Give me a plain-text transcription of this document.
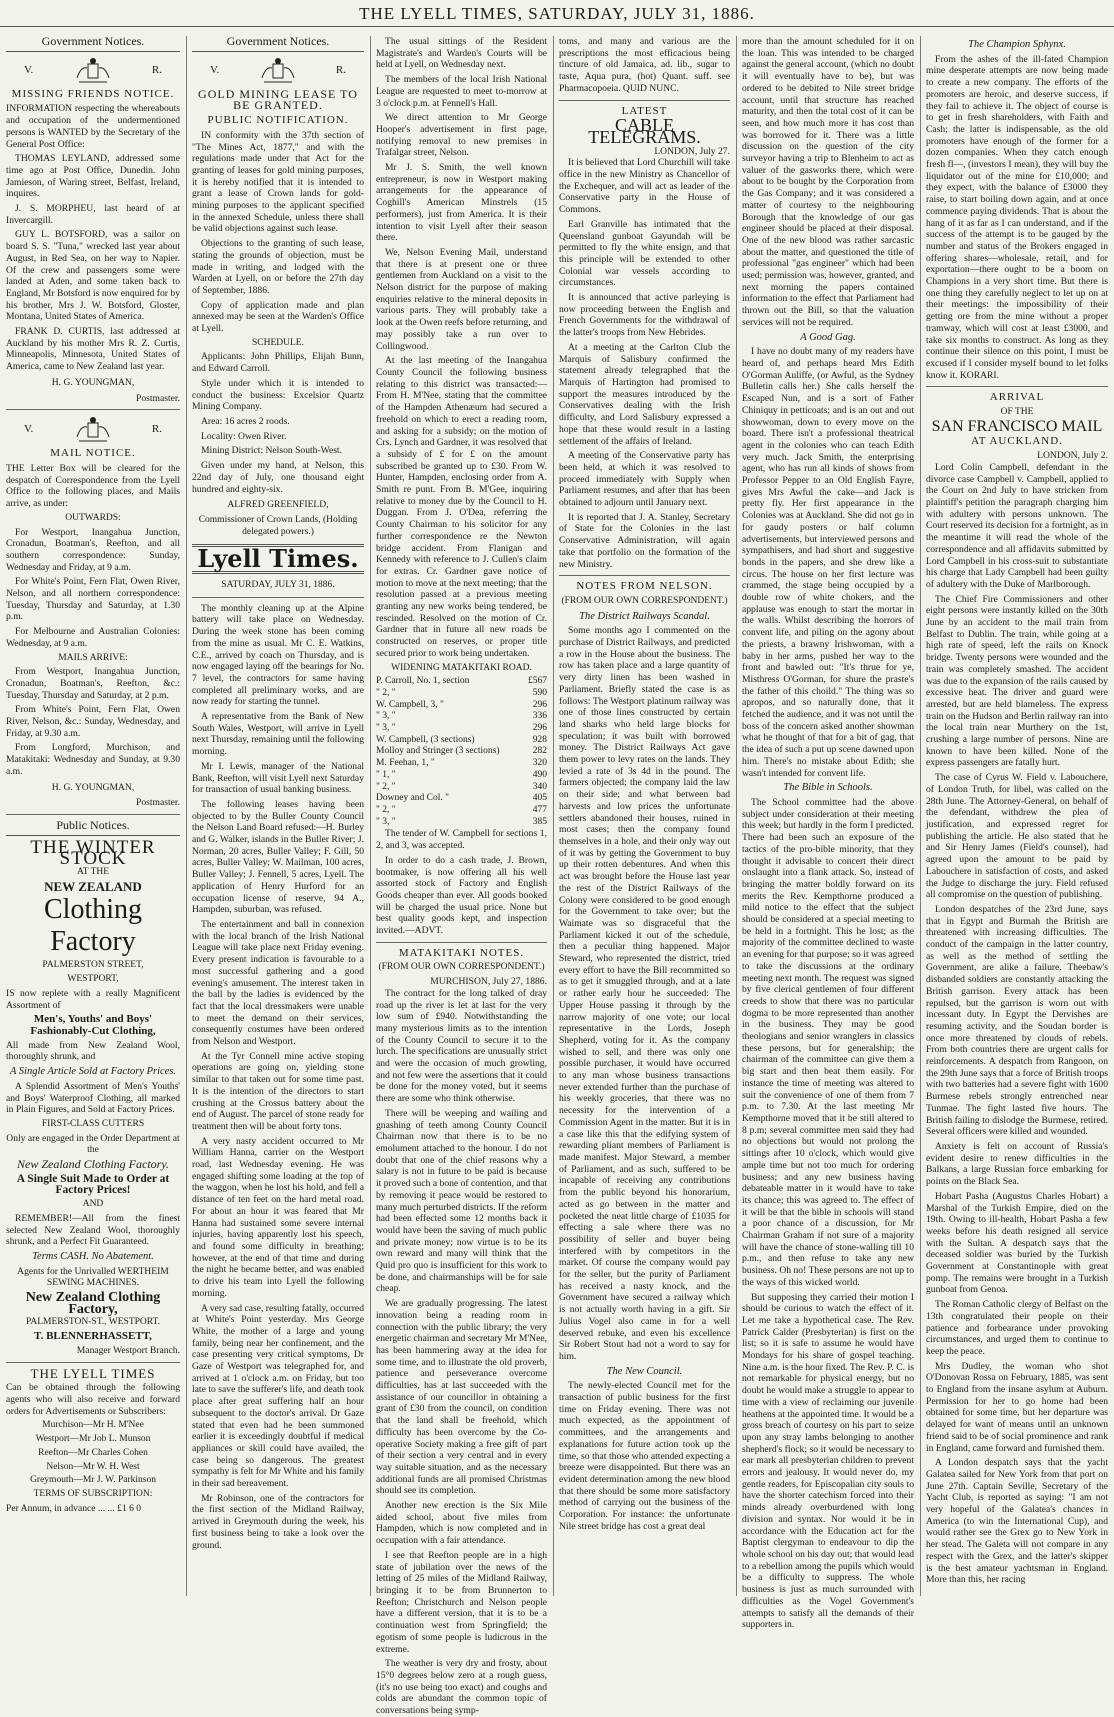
THE LYELL TIMES, SATURDAY, JULY 31, 1886.
Government Notices.
V.	R.
MISSING FRIENDS NOTICE.

INFORMATION respecting the whereabouts and occupation of the undermentioned persons is WANTED by the Secretary of the General Post Office:

THOMAS LEYLAND, addressed some time ago at Post Office, Dunedin. John Jamieson, of Waring street, Belfast, Ireland, inquires.

J. S. MORPHEU, last heard of at Invercargill.

GUY L. BOTSFORD, was a sailor on board S. S. "Tuna," wrecked last year about August, in Red Sea, on her way to Napier. Of the crew and passengers some were landed at Aden, and some taken back to England, Mr Botsford is now enquired for by his brother, Mrs J. W. Botsford, Gloster, Montana, United States of America.

FRANK D. CURTIS, last addressed at Auckland by his mother Mrs R. Z. Curtis, Minneapolis, Minnesota, United States of America, came to New Zealand last year.

H. G. YOUNGMAN,
Postmaster.
V.	R.
MAIL NOTICE.

THE Letter Box will be cleared for the despatch of Correspondence from the Lyell Office to the following places, and Mails arrive, as under:

OUTWARDS:

For Westport, Inangahua Junction, Cronadun, Boatman's, Reefton, and all southern correspondence: Sunday, Wednesday and Friday, at 9 a.m.

For White's Point, Fern Flat, Owen River, Nelson, and all northern correspondence: Tuesday, Thursday and Saturday, at 1.30 p.m.

For Melbourne and Australian Colonies: Wednesday, at 9 a.m.

MAILS ARRIVE:

From Westport, Inangahua Junction, Cronadun, Boatman's, Reefton, &c.: Tuesday, Thursday and Saturday, at 2 p.m.

From White's Point, Fern Flat, Owen River, Nelson, &c.: Sunday, Wednesday, and Friday, at 9.30 a.m.

From Longford, Murchison, and Matakitaki: Wednesday and Sunday, at 9.30 a.m.

H. G. YOUNGMAN,
Postmaster.
Public Notices.
THE WINTER STOCK
AT THE
NEW ZEALAND
Clothing Factory
PALMERSTON STREET,
WESTPORT,

IS now replete with a really Magnificent Assortment of

Men's, Youths' and Boys' Fashionably-Cut Clothing,

All made from New Zealand Wool, thoroughly shrunk, and

A Single Article Sold at Factory Prices.

A Splendid Assortment of Men's Youths' and Boys' Waterproof Clothing, all marked in Plain Figures, and Sold at Factory Prices.

FIRST-CLASS CUTTERS

Only are engaged in the Order Department at the

New Zealand Clothing Factory.
A Single Suit Made to Order at Factory Prices!
AND

REMEMBER!—All from the finest selected New Zealand Wool, thoroughly shrunk, and a Perfect Fit Guaranteed.

Terms CASH. No Abatement.

Agents for the Unrivalled WERTHEIM SEWING MACHINES.

New Zealand Clothing Factory,
PALMERSTON-ST., WESTPORT.
T. BLENNERHASSETT,
Manager Westport Branch.
THE LYELL TIMES

Can be obtained through the following agents who will also receive and forward orders for Advertisements or Subscribers:

Murchison—Mr H. M'Nee
Westport—Mr Job L. Munson
Reefton—Mr Charles Cohen
Nelson—Mr W. H. West
Greymouth—Mr J. W. Parkinson
TERMS OF SUBSCRIPTION:
Per Annum, in advance ... ... £1 6 0
Government Notices.
V.	R.
GOLD MINING LEASE TO BE GRANTED.
PUBLIC NOTIFICATION.

IN conformity with the 37th section of "The Mines Act, 1877," and with the regulations made under that Act for the granting of leases for gold mining purposes, it is hereby notified that it is intended to grant a lease of Crown lands for gold-mining purposes to the applicant specified in the annexed Schedule, unless there shall be valid objections against such lease.

Objections to the granting of such lease, stating the grounds of objection, must be made in writing, and lodged with the Warden at Lyell, on or before the 27th day of September, 1886.

Copy of application made and plan annexed may be seen at the Warden's Office at Lyell.

SCHEDULE.

Applicants: John Phillips, Elijah Bunn, and Edward Carroll.

Style under which it is intended to conduct the business: Excelsior Quartz Mining Company.

Area: 16 acres 2 roods.

Locality: Owen River.

Mining District: Nelson South-West.

Given under my hand, at Nelson, this 22nd day of July, one thousand eight hundred and eighty-six.

ALFRED GREENFIELD,
Commissioner of Crown Lands, (Holding delegated powers.)
Lyell Times.
SATURDAY, JULY 31, 1886.

The monthly cleaning up at the Alpine battery will take place on Wednesday. During the week stone has been coming from the mine as usual. Mr C. E. Watkins, C.E., arrived by coach on Thursday, and is now engaged laying off the bearings for No. 7 level, the contractors for same having completed all preliminary works, and are now ready for starting the tunnel.

A representative from the Bank of New South Wales, Westport, will arrive in Lyell next Thursday, remaining until the following morning.

Mr I. Lewis, manager of the National Bank, Reefton, will visit Lyell next Saturday for transaction of usual banking business.

The following leases having been objected to by the Buller County Council the Nelson Land Board refused:—H. Burley and G. Walker, islands in the Buller River; J. Norman, 20 acres, Buller Valley; F. Gill, 50 acres, Buller Valley; W. Mailman, 100 acres, Buller Valley; J. Fennell, 5 acres, Lyell. The application of Henry Hurford for an occupation license of reserve, 94 A., Hampden, suburban, was refused.

The entertainment and ball in connexion with the local branch of the Irish National League will take place next Friday evening. Every present indication is favourable to a most successful gathering and a good evening's amusement. The interest taken in the ball by the ladies is evidenced by the fact that the local dressmakers were unable to meet the demand on their services, consequently costumes have been ordered from Nelson and Westport.

At the Tyr Connell mine active stoping operations are going on, yielding stone similar to that taken out for some time past. It is the intention of the directors to start crushing at the Crossus battery about the end of August. The parcel of stone ready for treatment then will be about forty tons.

A very nasty accident occurred to Mr William Hanna, carrier on the Westport road, last Wednesday evening. He was engaged shifting some loading at the top of the waggon, when he lost his hold, and fell a distance of ten feet on the hard metal road. For about an hour it was feared that Mr Hanna had sustained some severe internal injuries, having apparently lost his speech, and found some difficulty in breathing; however, at the end of that time and during the night he became better, and was enabled to drive his team into Lyell the following morning.

A very sad case, resulting fatally, occurred at White's Point yesterday. Mrs George White, the mother of a large and young family, being near her confinement, and the case presenting very critical symptoms, Dr Gaze of Westport was telegraphed for, and arrived at 1 o'clock a.m. on Friday, but too late to save the sufferer's life, and death took place after great suffering half an hour subsequent to the doctor's arrival. Dr Gaze stated that even had he been summoned earlier it is exceedingly doubtful if medical appliances or skill could have availed, the case being so dangerous. The greatest sympathy is felt for Mr White and his family in their sad bereavement.

Mr Robinson, one of the contractors for the first section of the Midland Railway, arrived in Greymouth during the week, his first business being to take a look over the ground.

The usual sittings of the Resident Magistrate's and Warden's Courts will be held at Lyell, on Wednesday next.

The members of the local Irish National League are requested to meet to-morrow at 3 o'clock p.m. at Fennell's Hall.

We direct attention to Mr George Hooper's advertisement in first page, notifying removal to new premises in Trafalgar street, Nelson.

Mr J. S. Smith, the well known entrepreneur, is now in Westport making arrangements for the appearance of Coghill's American Minstrels (15 performers), just from America. It is their intention to visit Lyell after their season there.

We, Nelson Evening Mail, understand that there is at present one or three gentlemen from Auckland on a visit to the Nelson district for the purpose of making enquiries relative to the mineral deposits in various parts. They will probably take a look at the Owen reefs before returning, and may possibly take a run over to Collingwood.

At the last meeting of the Inangahua County Council the following business relating to this district was transacted:—From H. M'Nee, stating that the committee of the Hampden Athenæum had secured a freehold on which to erect a reading room, and asking for a subsidy; on the motion of Crs. Lynch and Gardner, it was resolved that a subsidy of £ for £ on the amount subscribed be granted up to £30. From W. Hunter, Hampden, enclosing order from A. Smith re punt. From B. M'Gee, inquiring relative to money due by the Council to H. Duggan. From J. O'Dea, referring the County Chairman to his solicitor for any further correspondence re the Newton bridge accident. From Flanigan and Kennedy with reference to J. Cullen's claim for extras. Cr. Gardner gave notice of motion to move at the next meeting; that the resolution passed at a previous meeting granting any new works being tendered, be rescinded. Resolved on the motion of Cr. Gardner that in future all new roads be constructed on reserves, or proper title secured prior to work being undertaken.

WIDENING MATAKITAKI ROAD.
P. Carroll, No. 1, section	£567
" 2, "	590
W. Campbell, 3, "	296
" 3, "	336
" 3, "	296
W. Campbell, (3 sections)	928
Molloy and Stringer (3 sections)	282
M. Feehan, 1, "	320
" 1, "	490
" 2, "	340
Downey and Col. "	405
" 2, "	477
" 3, "	385

The tender of W. Campbell for sections 1, 2, and 3, was accepted.

In order to do a cash trade, J. Brown, bootmaker, is now offering all his well assorted stock of Factory and English Goods cheaper than ever. All goods booked will be charged the usual price. None but best quality goods kept, and inspection invited.—ADVT.

MATAKITAKI NOTES.
(FROM OUR OWN CORRESPONDENT.)
MURCHISON, July 27, 1886.

The contract for the long talked of dray road up the river is let at last for the very low sum of £940. Notwithstanding the many mysterious limits as to the intention of the County Council to secure it to the lurch. The specifications are unusually strict and were the occasion of much growling, and not few were the assertions that it could be done for the money voted, but it seems there are some who think otherwise.

There will be weeping and wailing and gnashing of teeth among County Council Chairman now that there is to be no emolument attached to the honour. I do not doubt that one of the chief reasons why a salary is not in future to be paid is because it proved such a bone of contention, and that by removing it peace would be restored to many much perturbed districts. If the reform had been effected some 12 months back it would have been the saving of much public and private money; now virtue is to be its own reward and many will think that the Quid pro quo is insufficient for this work to be done, and chairmanships will be for sale cheap.

We are gradually progressing. The latest innovation being a reading room in connection with the public library; the very energetic chairman and secretary Mr M'Nee, has been hammering away at the idea for some time, and to illustrate the old proverb, patience and perseverance overcome difficulties, has at last succeeded with the assistance of our councillor in obtaining a grant of £30 from the council, on condition that the land shall be freehold, which difficulty has been overcome by the Co-operative Society making a free gift of part of their section a very central and in every way suitable situation, and as the necessary additional funds are all promised Christmas should see its completion.

Another new erection is the Six Mile aided school, about five miles from Hampden, which is now completed and in occupation with a fair attendance.

I see that Reefton people are in a high state of jubilation over the news of the letting of 25 miles of the Midland Railway, bringing it to be from Brunnerton to Reefton; Christchurch and Nelson people have a different version, that it is to be a continuation west from Springfield; the egotism of some people is ludicrous in the extreme.

The weather is very dry and frosty, about 15°0 degrees below zero at a rough guess, (it's no use being too exact) and coughs and colds are abundant the common topic of conversations being symp-

toms, and many and various are the prescriptions the most efficacious being tincture of old Jamaica, ad. lib., sugar to taste, Aqua pura, (hot) Quant. suff. see Pharmacopoeia. QUID NUNC.

LATEST
CABLE TELEGRAMS.
LONDON, July 27.

It is believed that Lord Churchill will take office in the new Ministry as Chancellor of the Exchequer, and will act as leader of the Conservative party in the House of Commons.

Earl Granville has intimated that the Queensland gunboat Gayundah will be permitted to fly the white ensign, and that this principle will be extended to other Colonial war vessels according to circumstances.

It is announced that active parleying is now proceeding between the English and French Governments for the withdrawal of the latter's troops from New Hebrides.

At a meeting at the Carlton Club the Marquis of Salisbury confirmed the statement already telegraphed that the Marquis of Hartington had promised to support the measures introduced by the Conservatives dealing with the Irish difficulty, and Lord Salisbury expressed a hope that these would result in a lasting settlement of the affairs of Ireland.

A meeting of the Conservative party has been held, at which it was resolved to proceed immediately with Supply when Parliament resumes, and after that has been obtained to adjourn until January next.

It is reported that J. A. Stanley, Secretary of State for the Colonies in the last Conservative Administration, will again take that portfolio on the formation of the new Ministry.

NOTES FROM NELSON.
(FROM OUR OWN CORRESPONDENT.)
The District Railways Scandal.

Some months ago I commented on the purchase of District Railways, and predicted a row in the House about the business. The row has taken place and a large quantity of very dirty linen has been washed in Parliament. Briefly stated the case is as follows: The Westport platinum railway was one of those lines constructed by certain land sharks who held large blocks for speculation; it was built with borrowed money. The District Railways Act gave them power to levy rates on the lands. They levied a rate of 3s 4d in the pound. The farmers objected; the company laid the law on their side; and what between bad harvests and low prices the unfortunate settlers abandoned their houses, ruined in most cases; then the company found themselves in a hole, and their only way out of it was by getting the Government to buy up their rotten debentures. And when this act was brought before the House last year the rest of the District Railways of the Colony were considered to be good enough for the Government to take over; but the Waimate was so disgraceful that the Parliament kicked it out of the schedule, then a peculiar thing happened. Major Steward, who represented the district, tried every effort to have the Bill recommitted so as to get it smuggled through, and at a late or rather early hour he succeeded: The Upper House passing it through by the narrow majority of one vote; our local representative in the Lords, Joseph Shepherd, voting for it. As the company wished to sell, and there was only one possible purchaser, it would have occurred to any man whose business transactions never extended further than the purchase of his weekly groceries, that there was no necessity for the intervention of a Commission Agent in the matter. But it is in a case like this that the edifying system of rewarding pliant members of Parliament is made manifest. Major Steward, a member of Parliament, and as such, suffered to be incapable of receiving any contributions from the public beyond his honorarium, acted as go between in the matter and pocketed the neat little charge of £1035 for effecting a sale where there was no possibility of seller and buyer being interfered with by competitors in the market. Of course the company would pay for the seller, but the purity of Parliament has received a nasty knock, and the Government have secured a railway which is not actually worth having in a gift. Sir Julius Vogel also came in for a well deserved rebuke, and even his excellence Sir Robert Stout had not a word to say for him.

The New Council.

The newly-elected Council met for the transaction of public business for the first time on Friday evening. There was not much expected, as the appointment of committees, and the arrangements and explanations for future action took up the time, so that those who attended expecting a breeze were disappointed. But there was an evident determination among the new blood that there should be some more satisfactory method of carrying out the business of the Corporation. For instance: the unfortunate Nile street bridge has cost a great deal

more than the amount scheduled for it on the loan. This was intended to be charged against the general account, (which no doubt it will eventually have to be), but was ordered to be debited to Nile street bridge account, until that structure has reached maturity, and then the total cost of it can be seen, and how much more it has cost than was borrowed for it. There was a little discussion on the question of the city surveyor having a trip to Blenheim to act as valuer of the gasworks there, which were about to be bought by the Corporation from the Gas Company; and it was considered a matter of courtesy to the neighbouring Borough that the knowledge of our gas engineer should be placed at their disposal. One of the new blood was rather sarcastic about the matter, and questioned the title of professional "gas engineer" which had been used; permission was, however, granted, and next morning the papers contained information to the effect that Parliament had thrown out the Bill, so that the valuation services will not be required.

A Good Gag.

I have no doubt many of my readers have heard of, and perhaps heard Mrs Edith O'Gorman Auliffe, (or Awful, as the Sydney Bulletin calls her.) She calls herself the Escaped Nun, and is a sort of Father Chiniquy in petticoats; and is an out and out showwoman, down to every move on the board. There isn't a professional theatrical agent in the colonies who can teach Edith very much. Jack Smith, the enterprising agent, who has run all kinds of shows from Professor Pepper to an Old English Fayre, gives Mrs Awful the cake—and Jack is pretty fly. Her first appearance in the Colonies was at Auckland. She did not go in for gaudy posters or half column advertisements, but interviewed persons and sympathisers, and had short and suggestive bonds in the papers, and she drew like a circus. The house on her first lecture was crammed, the stage being occupied by a double row of white chokers, and the applause was enough to start the mortar in the walls. Whilst describing the horrors of convent life, and piling on the agony about the priests, a brawny Irishwoman, with a baby in her arms, pushed her way to the front and bawled out: "It's thrue for ye, Misthress O'Gorman, for shure the praste's the father of this choild." The thing was so apropos, and so naturally done, that it fetched the audience, and it was not until the boss of the concern asked another showman what he thought of that for a bit of gag, that the idea of such a put up scene dawned upon him. There's no mistake about Edith; she wasn't intended for convent life.

The Bible in Schools.

The School committee had the above subject under consideration at their meeting this week; but hardly in the form I predicted. There had been such an exposure of the tactics of the pro-bible minority, that they thought it advisable to concert their direct onslaught into a flank attack. So, instead of bringing the matter boldly forward on its merits the Rev. Kempthorne produced a mild notice to the effect that the subject should be considered at a special meeting to be held in a fortnight. This he lost; as the majority of the committee declined to waste an evening for that purpose; so it was agreed to take the discussions at the ordinary meeting next month. The request was signed by five clerical gentlemen of four different creeds to show that there was no particular dogma to be more represented than another in the business. They may be good theologians and senior wranglers in classics these persons, but for generalship; the chairman of the committee can give them a big start and then beat them easily. For instance the time of meeting was altered to suit the convenience of one of them from 7 p.m. to 7.30. At the last meeting Mr Kempthorne moved that it be still altered to 8 p.m; several committee men said they had no objections but would not prolong the sittings after 10 o'clock, which would give ample time but not too much for ordering business; and any new business having debateable matter in it would have to take its chance; this was agreed to. The effect of it will be that the bible in schools will stand a poor chance of a discussion, for Mr Chairman Graham if not sure of a majority will have the chance of stone-walling till 10 p.m., and then refuse to take any new business. Oh no! These persons are not up to the ways of this wicked world.

But supposing they carried their motion I should be curious to watch the effect of it. Let me take a hypothetical case. The Rev. Patrick Calder (Presbyterian) is first on the list; so it is safe to assume he would have Mondays for his share of gospel teaching. Nine a.m. is the hour fixed. The Rev. P. C. is not remarkable for physical energy, but no doubt he would make a struggle to appear to time with a view of reclaiming our juvenile heathens at the appointed time. It would be a gross breach of courtesy on his part to seize upon any stray lambs belonging to another shepherd's flock; so it would be necessary to ear mark all presbyterian children to prevent errors and jealousy. It would never do, my gentle readers, for Episcopalian city souls to have the shorter catechism forced into their minds already overburdened with long division and syntax. Nor would it be in accordance with the Education act for the Baptist clergyman to endeavour to dip the whole school on his day out; that would lead to a rebellion among the pupils which would be a difficulty to suppress. The whole business is just as much surrounded with difficulties as the Vogel Government's attempts to satisfy all the demands of their supporters in.

The Champion Sphynx.

From the ashes of the ill-fated Champion mine desperate attempts are now being made to create a new company. The efforts of the promoters are heroic, and deserve success, if they fail to achieve it. The object of course is to get in fresh shareholders, with Faith and Cash; the latter is indispensable, as the old promoters have enough of the former for a dozen companies. When they catch enough fresh fl—, (investors I mean), they will buy the liquidator out of the mine for £10,000; and they expect, with the balance of £3000 they raise, to start boiling down again, and at once commence paying dividends. That is about the hang of it as far as I can understand, and if the success of the attempt is to be gauged by the number and status of the Brokers engaged in offering shares—wholesale, retail, and for exportation—there ought to be a boom on Champions in a very short time. But there is one thing they carefully neglect to let up on at their meetings: the impossibility of their getting ore from the mine without a proper tramway, which will cost at least £3000, and take six months to construct. As long as they continue their silence on this point, I must be excused if I consider myself bound to let folks know it. KORARI.

ARRIVAL
OF THE
SAN FRANCISCO MAIL
AT AUCKLAND.
LONDON, July 2.

Lord Colin Campbell, defendant in the divorce case Campbell v. Campbell, applied to the Court on 2nd July to have stricken from plaintiff's petition the paragraph charging him with adultery with persons unknown. The Court reserved its decision for a fortnight, as in the meantime it will read the whole of the correspondence and all affidavits submitted by Lord Campbell in his cross-suit to substantiate his charge that Lady Campbell had been guilty of adultery with the Duke of Marlborough.

The Chief Fire Commissioners and other eight persons were instantly killed on the 30th June by an accident to the mail train from Belfast to Dublin. The train, while going at a high rate of speed, left the rails on Knock bridge. Twenty persons were wounded and the train was completely smashed. The accident was due to the expansion of the rails caused by excessive heat. The driver and guard were arrested, but are held blameless. The express train on the Hudson and Berlin railway ran into the local train near Murthery on the 1st, crushing a large number of persons. Nine are known to have been killed. None of the express passengers are fatally hurt.

The case of Cyrus W. Field v. Labouchere, of London Truth, for libel, was called on the 28th June. The Attorney-General, on behalf of the defendant, withdrew the plea of justification, and expressed regret for publishing the article. He also stated that he and Sir Henry James (Field's counsel), had agreed upon the amount to be paid by Labouchere in satisfaction of costs, and asked the Judge to discharge the jury. Field refused all compromise on the question of publishing.

London despatches of the 23rd June, says that in Egypt and Burmah the British are threatened with increasing difficulties. The conduct of the campaign in the latter country, as well as the method of settling the Government, are alike a failure. Theebaw's disbanded soldiers are constantly attacking the British garrison. Every attack has been repulsed, but the garrison is worn out with incessant duty. In Egypt the Dervishes are resuming activity, and the Soudan border is once more threatened by clouds of rebels. From both countries there are urgent calls for reinforcements. A despatch from Rangoon, on the 29th June says that a force of British troops with two batteries had a severe fight with 1600 Burmese rebels strongly entrenched near Tunmae. The fight lasted five hours. The British failing to dislodge the Burmese, retired. Several officers were killed and wounded.

Anxiety is felt on account of Russia's evident desire to renew difficulties in the Balkans, a large Russian force embarking for points on the Black Sea.

Hobart Pasha (Augustus Charles Hobart) a Marshal of the Turkish Empire, died on the 19th. Owing to ill-health, Hobart Pasha a few weeks before his death resigned all service with the Sultan. A despatch says that the deceased soldier was buried by the Turkish Government at Constantinople with great pomp. The remains were brought in a Turkish gunboat from Genoa.

The Roman Catholic clergy of Belfast on the 13th congratulated their people on their patience and forbearance under provoking circumstances, and urged them to continue to keep the peace.

Mrs Dudley, the woman who shot O'Donovan Rossa on February, 1885, was sent to England from the insane asylum at Auburn. Permission for her to go home had been obtained for some time, but her departure was delayed for want of means until an unknown friend said to be of social prominence and rank in England, came forward and furnished them.

A London despatch says that the yacht Galatea sailed for New York from that port on June 27th. Captain Seville, Secretary of the Yacht Club, is reported as saying: "I am not very hopeful of the Galatea's chances in America (to win the International Cup), and would rather see the Grex go to New York in her stead. The Galeta will not compare in any respect with the Grex, and the latter's skipper is the best amateur yachtsman in England. More than this, her racing
